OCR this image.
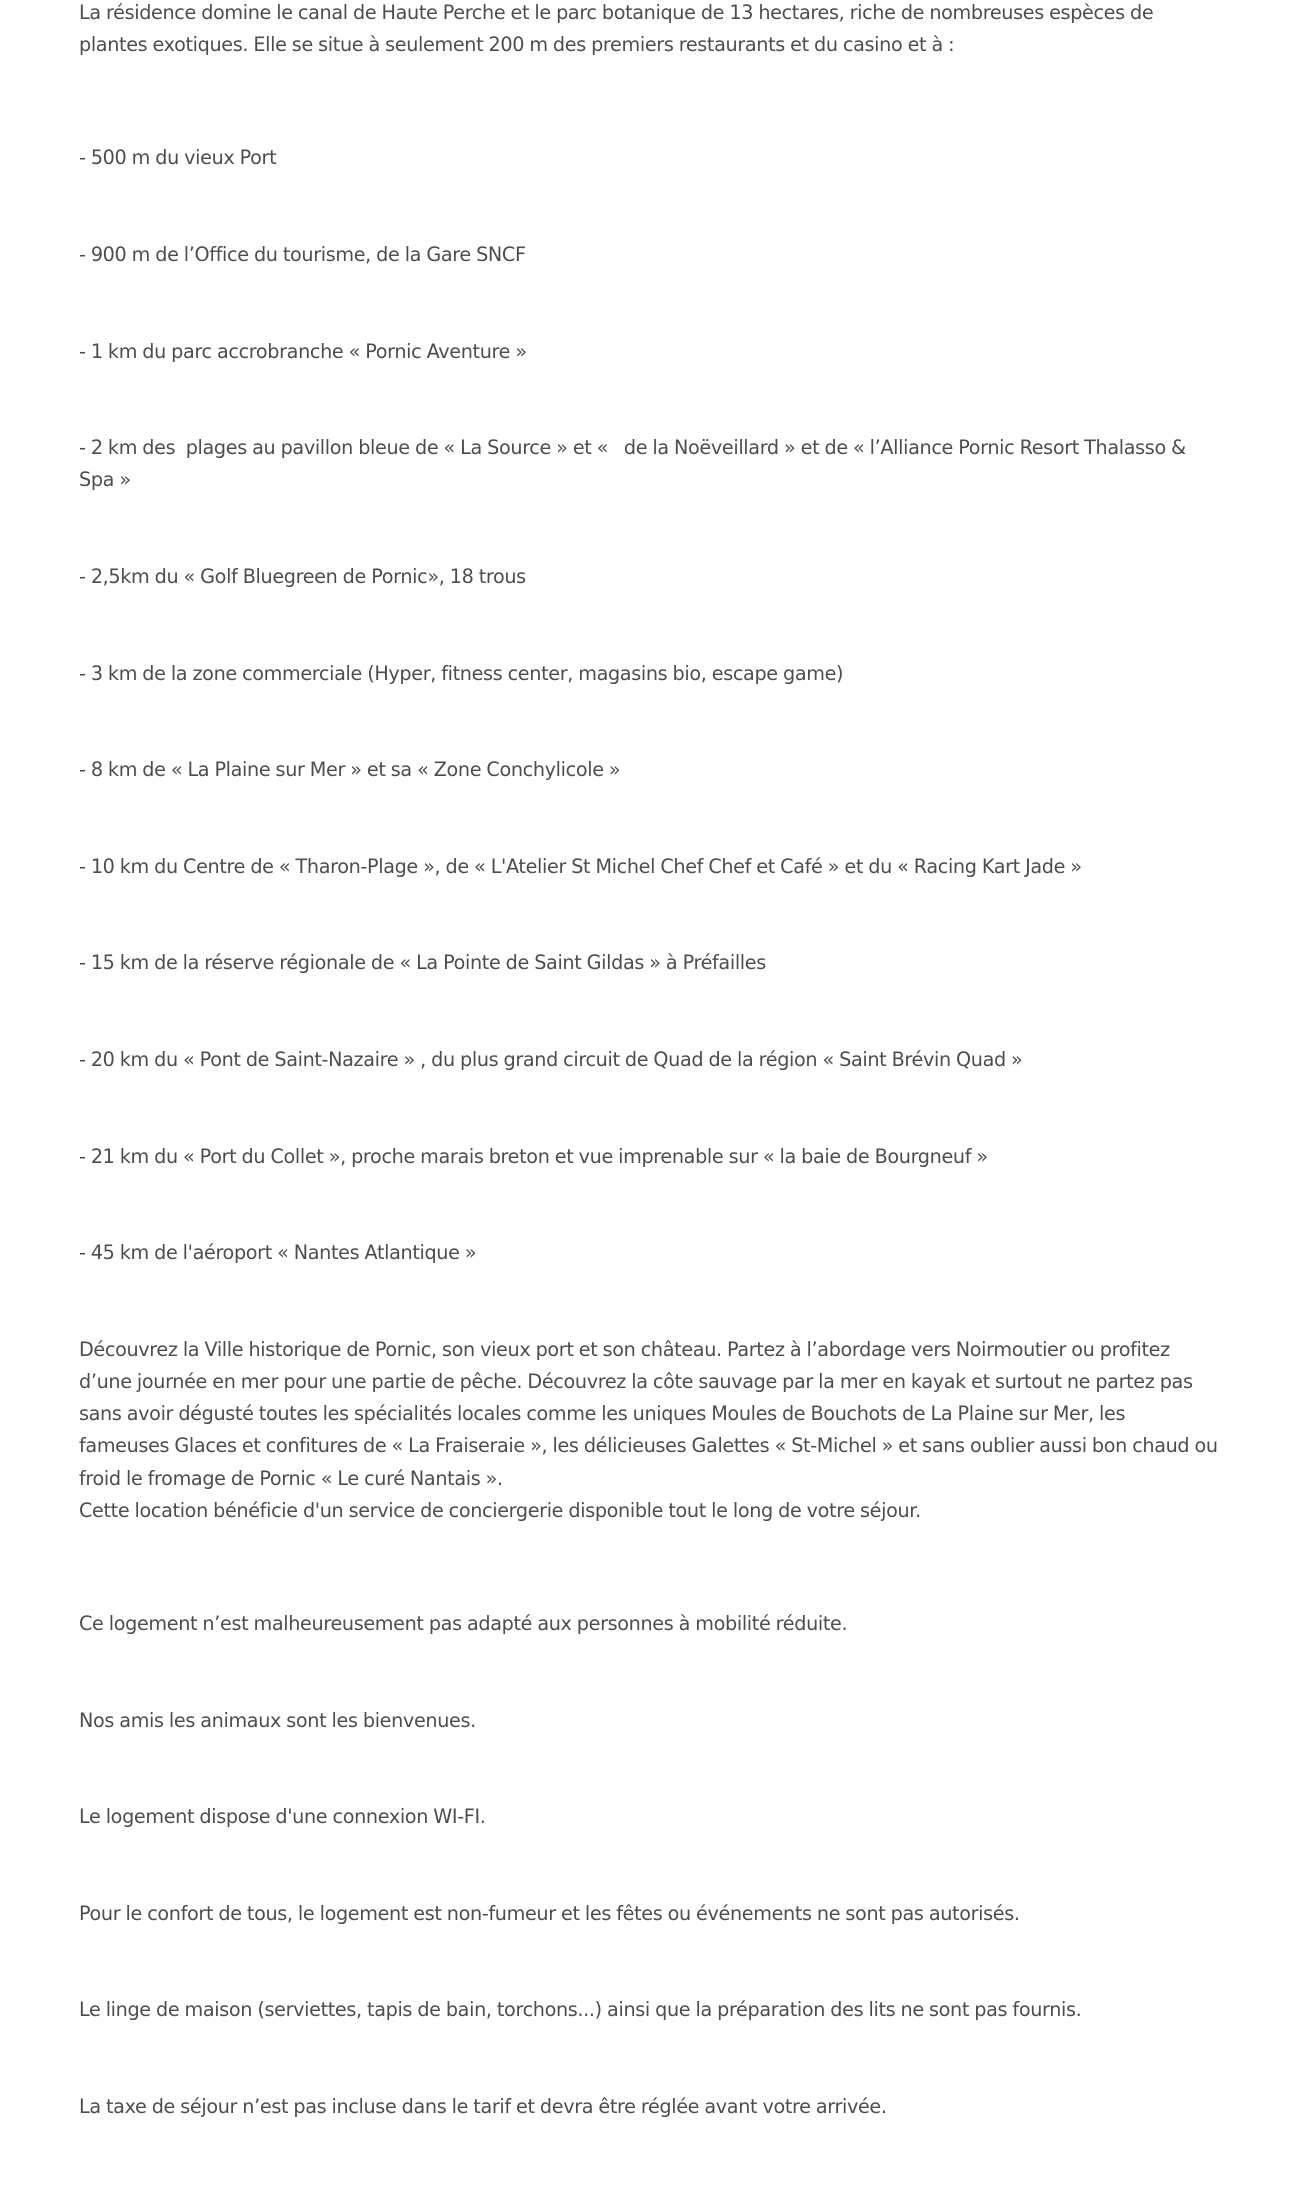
La résidence domine le canal de Haute Perche et le parc botanique de 13 hectares, riche de nombreuses espèces de plantes exotiques. Elle se situe à seulement 200 m des premiers restaurants et du casino et à :

- 500 m du vieux Port

- 900 m de l’Office du tourisme, de la Gare SNCF

- 1 km du parc accrobranche « Pornic Aventure »

- 2 km des  plages au pavillon bleue de « La Source » et «   de la Noëveillard » et de « l’Alliance Pornic Resort Thalasso & Spa »

- 2,5km du « Golf Bluegreen de Pornic», 18 trous

- 3 km de la zone commerciale (Hyper, fitness center, magasins bio, escape game)

- 8 km de « La Plaine sur Mer » et sa « Zone Conchylicole »

- 10 km du Centre de « Tharon-Plage », de « L'Atelier St Michel Chef Chef et Café » et du « Racing Kart Jade »

- 15 km de la réserve régionale de « La Pointe de Saint Gildas » à Préfailles

- 20 km du « Pont de Saint-Nazaire » , du plus grand circuit de Quad de la région « Saint Brévin Quad »

- 21 km du « Port du Collet », proche marais breton et vue imprenable sur « la baie de Bourgneuf »

- 45 km de l'aéroport « Nantes Atlantique »

Découvrez la Ville historique de Pornic, son vieux port et son château. Partez à l’abordage vers Noirmoutier ou profitez d’une journée en mer pour une partie de pêche. Découvrez la côte sauvage par la mer en kayak et surtout ne partez pas sans avoir dégusté toutes les spécialités locales comme les uniques Moules de Bouchots de La Plaine sur Mer, les fameuses Glaces et confitures de « La Fraiseraie », les délicieuses Galettes « St-Michel » et sans oublier aussi bon chaud ou froid le fromage de Pornic « Le curé Nantais ».

Cette location bénéficie d'un service de conciergerie disponible tout le long de votre séjour.

Ce logement n’est malheureusement pas adapté aux personnes à mobilité réduite.

Nos amis les animaux sont les bienvenues.

Le logement dispose d'une connexion WI-FI.

Pour le confort de tous, le logement est non-fumeur et les fêtes ou événements ne sont pas autorisés.

Le linge de maison (serviettes, tapis de bain, torchons...) ainsi que la préparation des lits ne sont pas fournis.

La taxe de séjour n’est pas incluse dans le tarif et devra être réglée avant votre arrivée.
